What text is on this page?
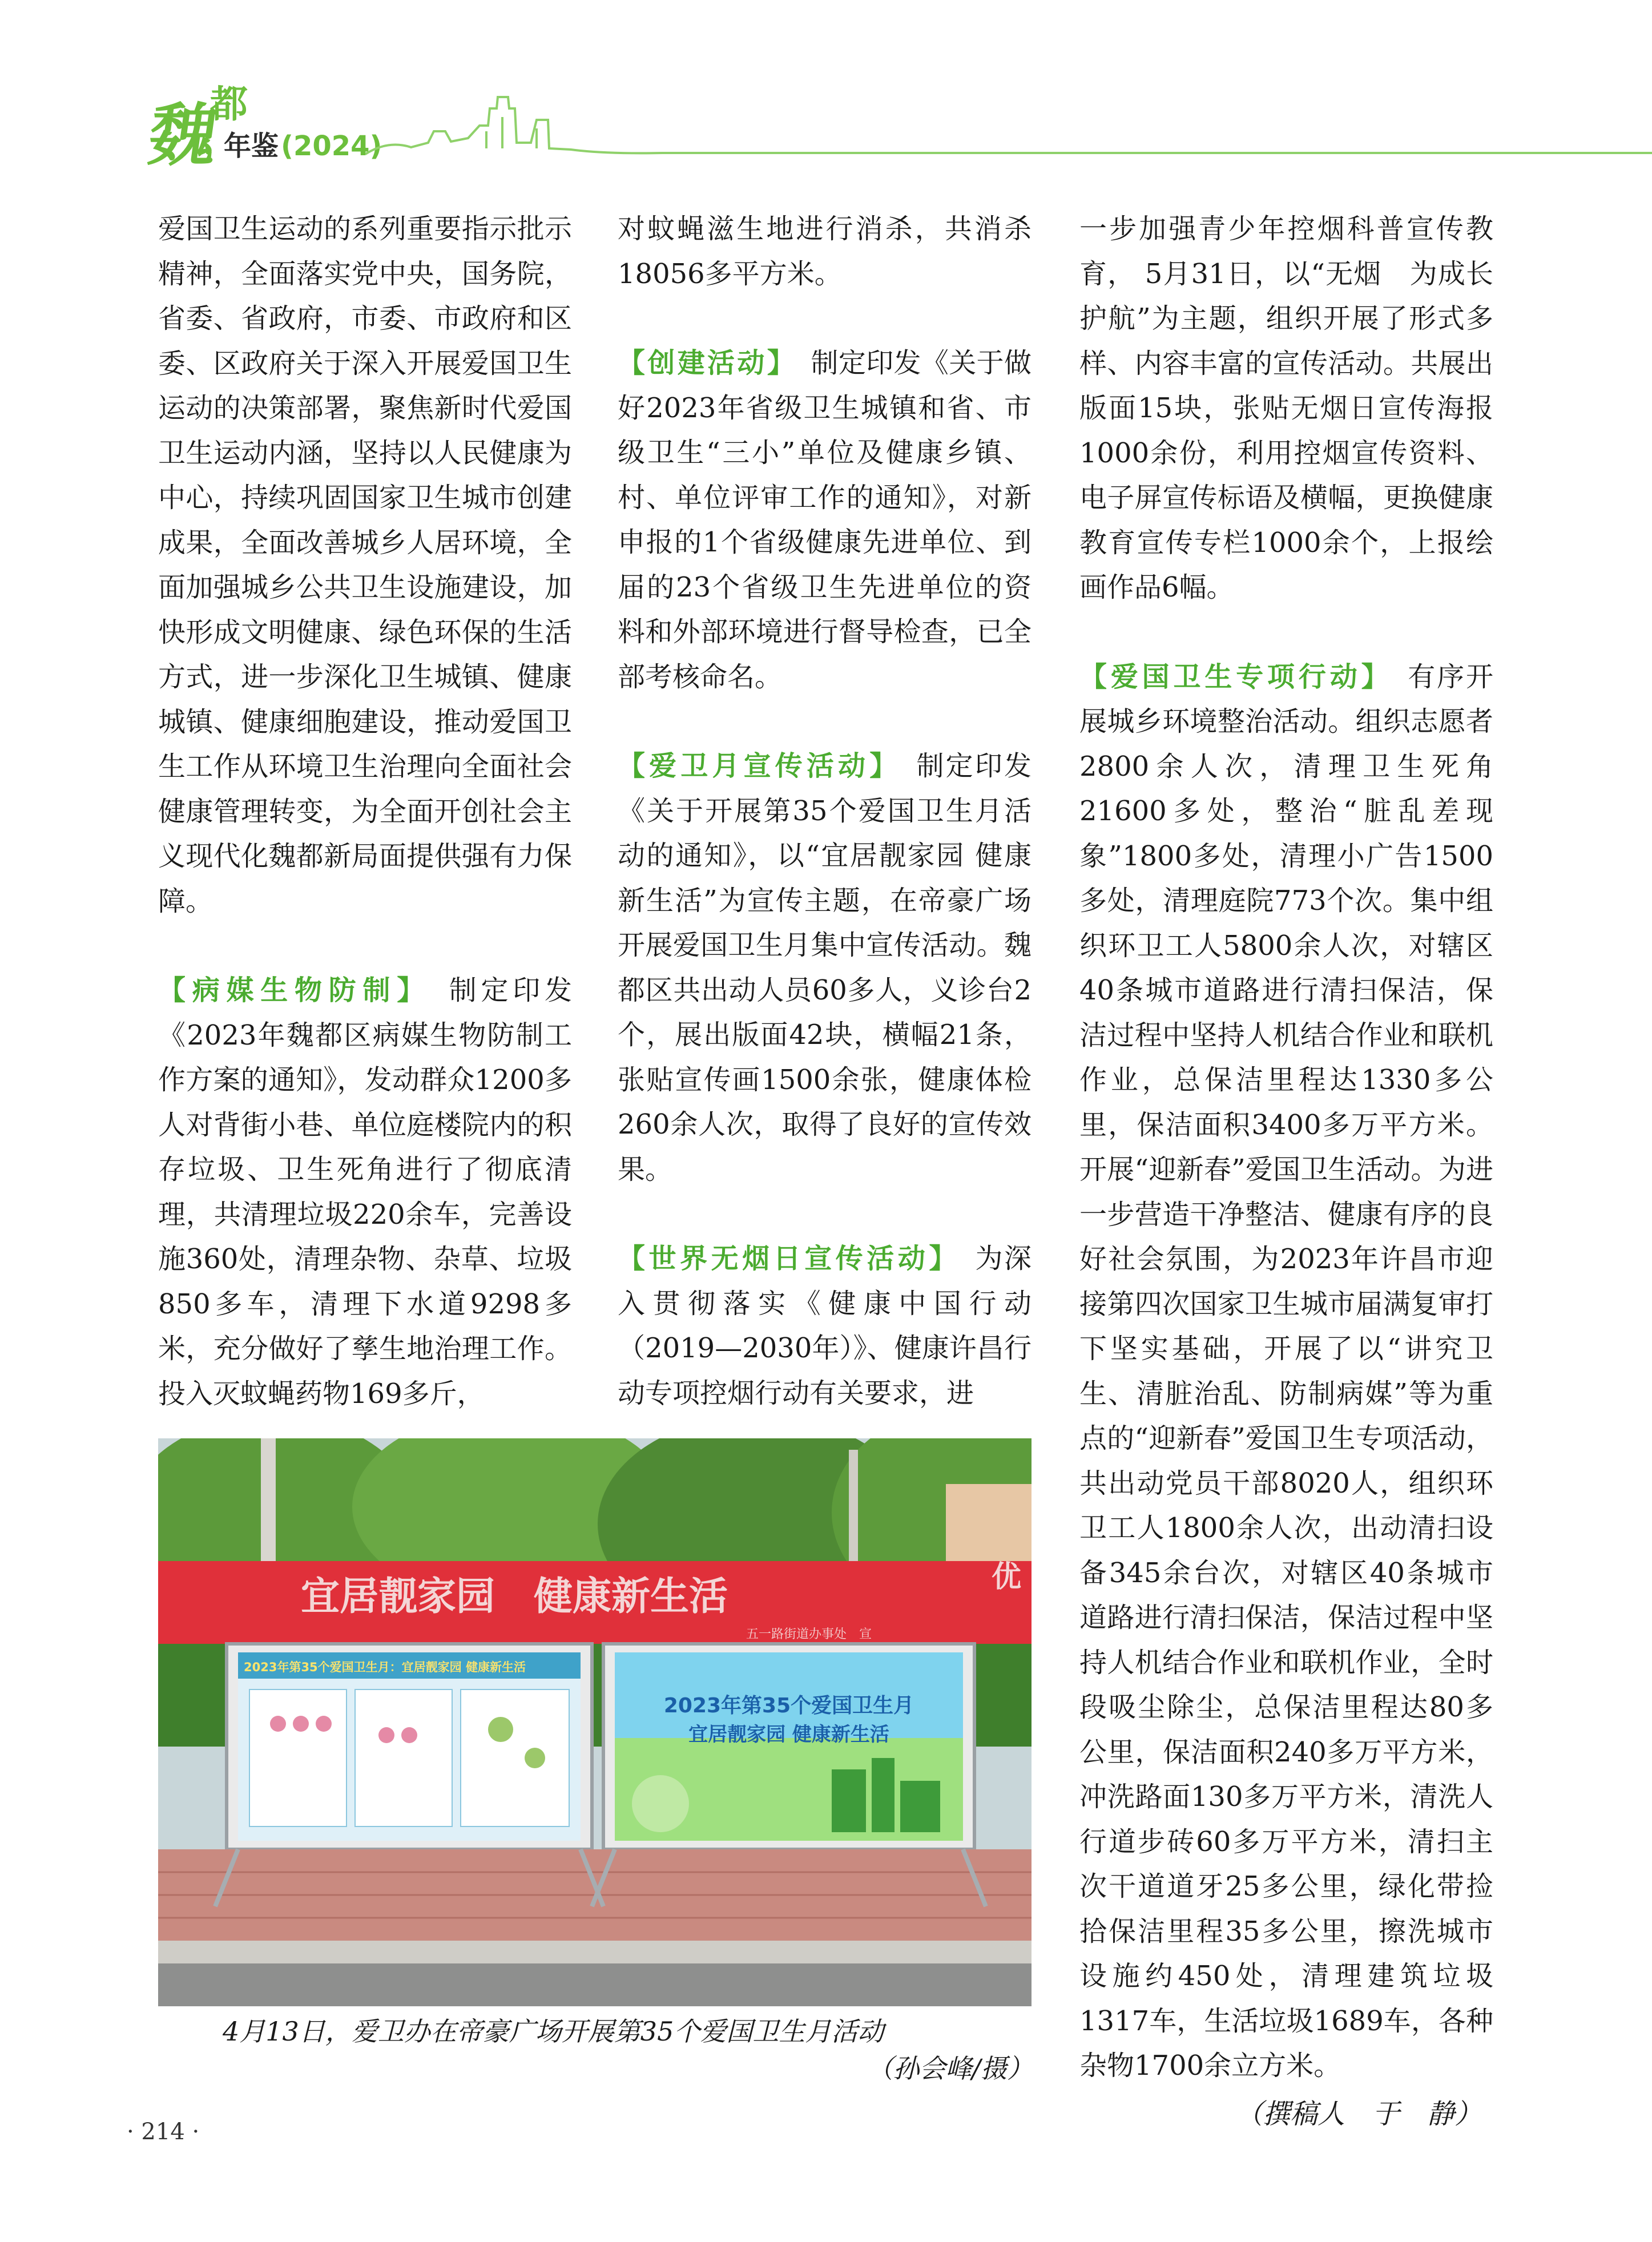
魏
都
年鉴 (2024)

爱国卫生运动的系列重要指示批示精神，全面落实党中央，国务院，省委、省政府，市委、市政府和区委、区政府关于深入开展爱国卫生运动的决策部署，聚焦新时代爱国卫生运动内涵，坚持以人民健康为中心，持续巩固国家卫生城市创建成果，全面改善城乡人居环境，全面加强城乡公共卫生设施建设，加快形成文明健康、绿色环保的生活方式，进一步深化卫生城镇、健康城镇、健康细胞建设，推动爱国卫生工作从环境卫生治理向全面社会健康管理转变，为全面开创社会主义现代化魏都新局面提供强有力保障。

【病媒生物防制】　 制定印发《2023年魏都区病媒生物防制工作方案的通知》，发动群众1200多人对背街小巷、单位庭楼院内的积存垃圾、卫生死角进行了彻底清理，共清理垃圾220余车，完善设施360处，清理杂物、杂草、垃圾850多车，清理下水道9298多米，充分做好了孳生地治理工作。投入灭蚊蝇药物169多斤，

对蚊蝇滋生地进行消杀，共消杀18056多平方米。

【创建活动】　 制定印发《关于做好2023年省级卫生城镇和省、市级卫生“三小”单位及健康乡镇、村、单位评审工作的通知》，对新申报的1个省级健康先进单位、到届的23个省级卫生先进单位的资料和外部环境进行督导检查，已全部考核命名。

【爱卫月宣传活动】　 制定印发《关于开展第35个爱国卫生月活动的通知》，以“宜居靓家园 健康新生活”为宣传主题，在帝豪广场开展爱国卫生月集中宣传活动。魏都区共出动人员60多人，义诊台2个，展出版面42块，横幅21条，张贴宣传画1500余张，健康体检260余人次，取得了良好的宣传效果。

【世界无烟日宣传活动】　 为深入贯彻落实《健康中国行动（2019—2030年）》、健康许昌行动专项控烟行动有关要求，进

一步加强青少年控烟科普宣传教育， 5月31日，以“无烟　为成长护航”为主题，组织开展了形式多样、内容丰富的宣传活动。共展出版面15块，张贴无烟日宣传海报1000余份，利用控烟宣传资料、电子屏宣传标语及横幅，更换健康教育宣传专栏1000余个，上报绘画作品6幅。

【爱国卫生专项行动】　 有序开展城乡环境整治活动。组织志愿者2800余人次，清理卫生死角21600多处，整治“脏乱差现象”1800多处，清理小广告1500多处，清理庭院773个次。集中组织环卫工人5800余人次，对辖区40条城市道路进行清扫保洁，保洁过程中坚持人机结合作业和联机作业，总保洁里程达1330多公里，保洁面积3400多万平方米。开展“迎新春”爱国卫生活动。为进一步营造干净整洁、健康有序的良好社会氛围，为2023年许昌市迎接第四次国家卫生城市届满复审打下坚实基础，开展了以“讲究卫生、清脏治乱、防制病媒”等为重点的“迎新春”爱国卫生专项活动，共出动党员干部8020人，组织环卫工人1800余人次，出动清扫设备345余台次，对辖区40条城市道路进行清扫保洁，保洁过程中坚持人机结合作业和联机作业，全时段吸尘除尘，总保洁里程达80多公里，保洁面积240多万平方米，冲洗路面130多万平方米，清洗人行道步砖60多万平方米，清扫主次干道道牙25多公里，绿化带捡拾保洁里程35多公里，擦洗城市设施约450处，清理建筑垃圾1317车，生活垃圾1689车，各种杂物1700余立方米。

（撰稿人　于　静）
宜居靓家园　健康新生活	优
五一路街道办事处　宣
2023年第35个爱国卫生月：宜居靓家园 健康新生活
2023年第35个爱国卫生月
宜居靓家园 健康新生活
4月13日，爱卫办在帝豪广场开展第35个爱国卫生月活动
（孙会峰/摄）
· 214 ·
